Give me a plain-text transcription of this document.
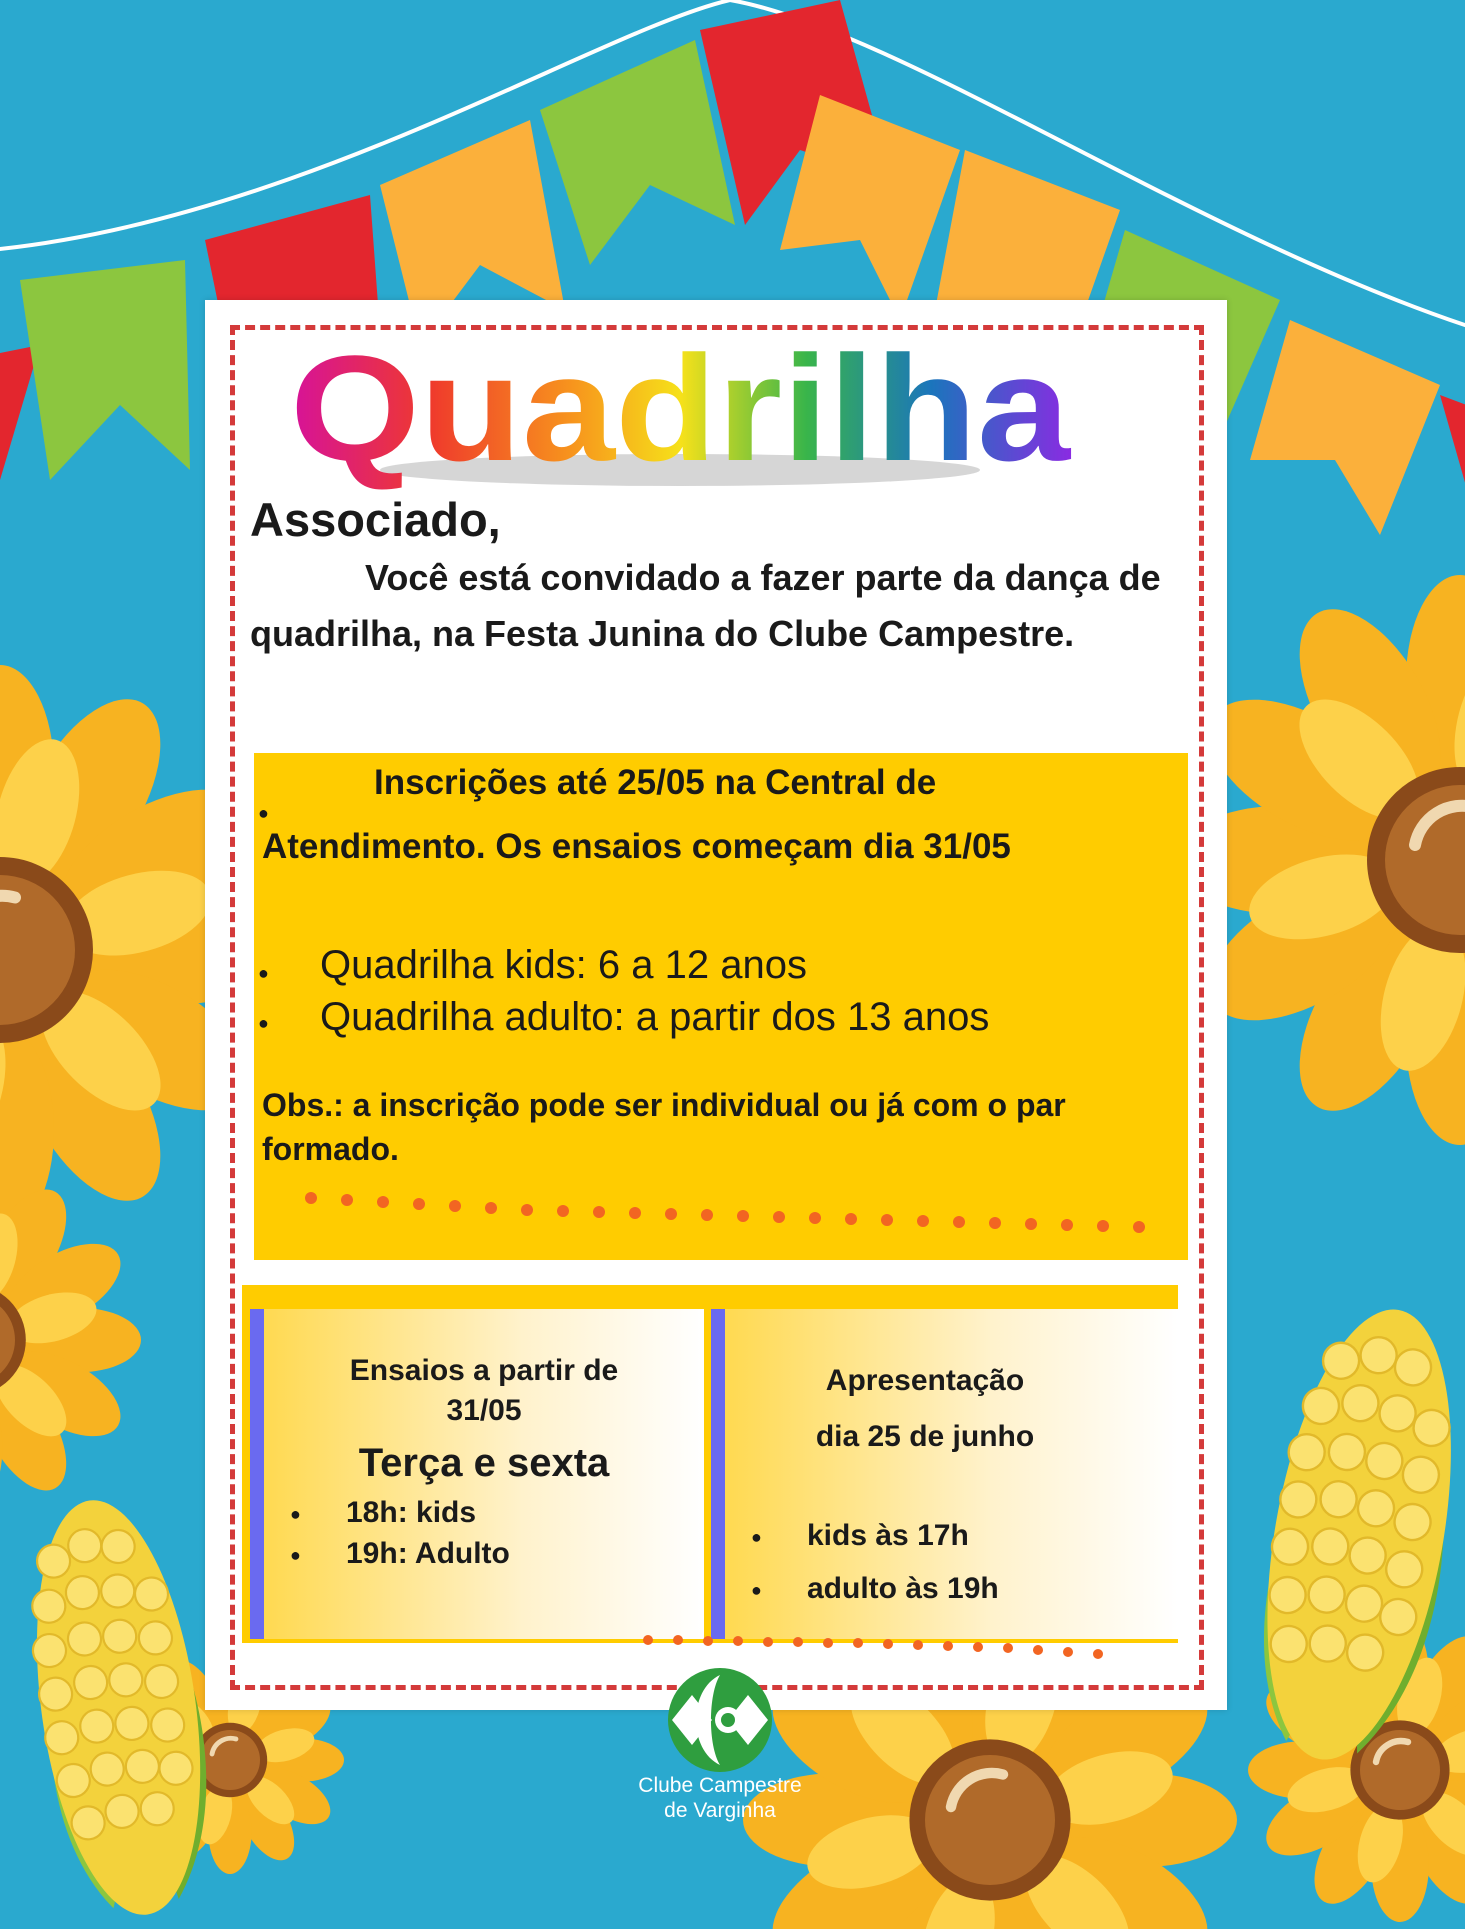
Quadrilha

Associado,

Você está convidado a fazer parte da dança de quadrilha, na Festa Junina do Clube Campestre.

●
Inscrições até 25/05 na Central de
Atendimento. Os ensaios começam dia 31/05
● Quadrilha kids: 6 a 12 anos
● Quadrilha adulto: a partir dos 13 anos

Obs.: a inscrição pode ser individual ou já com o par formado.

Ensaios a partir de
31/05
Terça e sexta
● 18h: kids
● 19h: Adulto
Apresentação
dia 25 de junho
● kids às 17h
● adulto às 19h
Clube Campestre
de Varginha
